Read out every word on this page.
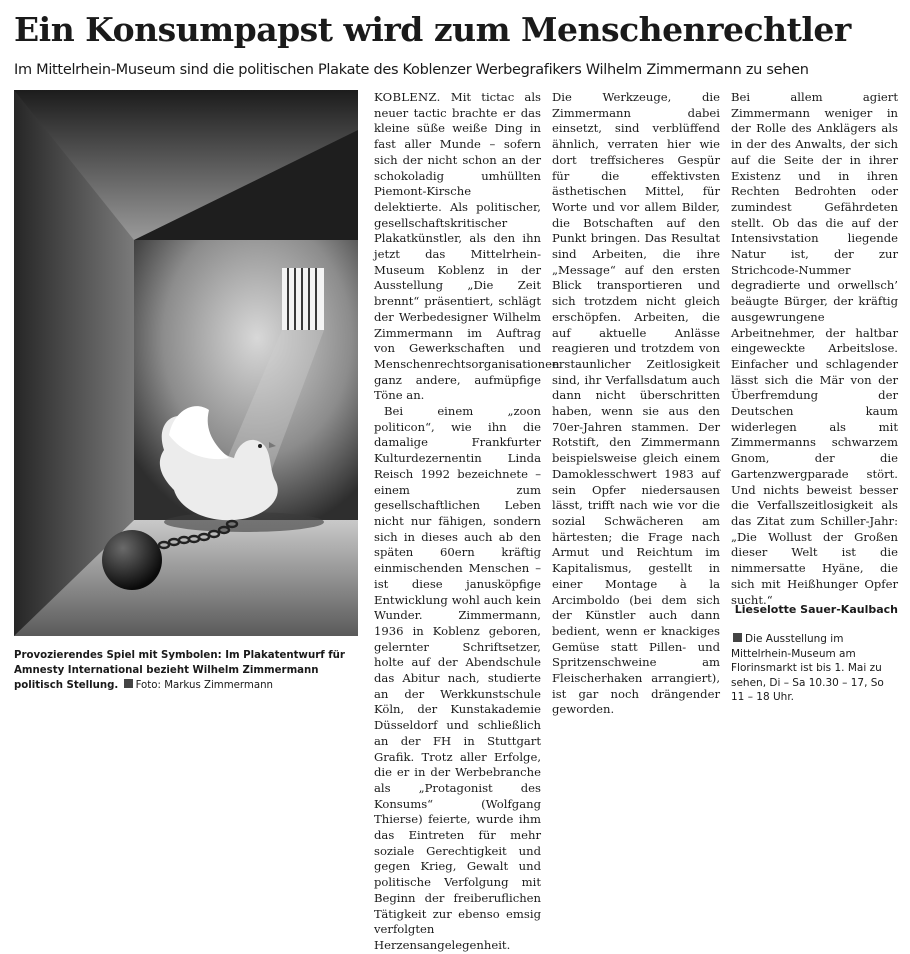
Ein Konsumpapst wird zum Menschenrechtler

Im Mittelrhein-Museum sind die politischen Plakate des Koblenzer Werbegrafikers Wilhelm Zimmermann zu sehen

Provozierendes Spiel mit Symbolen: Im Plakatentwurf für Amnesty International bezieht Wilhelm Zimmermann politisch Stellung. Foto: Markus Zimmermann

KOBLENZ. Mit tictac als neuer tactic brachte er das kleine süße weiße Ding in fast aller Munde – sofern sich der nicht schon an der schokoladig umhüllten Piemont-Kirsche delektierte. Als politischer, gesellschaftskritischer Plakatkünstler, als den ihn jetzt das Mittelrhein-Museum Koblenz in der Ausstellung „Die Zeit brennt“ präsentiert, schlägt der Werbedesigner Wilhelm Zimmermann im Auftrag von Gewerkschaften und Menschenrechtsorganisationen ganz andere, aufmüpfige Töne an.

Bei einem „zoon politicon“, wie ihn die damalige Frankfurter Kulturdezernentin Linda Reisch 1992 bezeichnete – einem zum gesellschaftlichen Leben nicht nur fähigen, sondern sich in dieses auch ab den späten 60ern kräftig einmischenden Menschen – ist diese janusköpfige Entwicklung wohl auch kein Wunder. Zimmermann, 1936 in Koblenz geboren, gelernter Schriftsetzer, holte auf der Abendschule das Abitur nach, studierte an der Werkkunstschule Köln, der Kunstakademie Düsseldorf und schließlich an der FH in Stuttgart Grafik. Trotz aller Erfolge, die er in der Werbebranche als „Protagonist des Konsums“ (Wolfgang Thierse) feierte, wurde ihm das Eintreten für mehr soziale Gerechtigkeit und gegen Krieg, Gewalt und politische Verfolgung mit Beginn der freiberuflichen Tätigkeit zur ebenso emsig verfolgten Herzensangelegenheit.

Die Werkzeuge, die Zimmermann dabei einsetzt, sind verblüffend ähnlich, verraten hier wie dort treffsicheres Gespür für die effektivsten ästhetischen Mittel, für Worte und vor allem Bilder, die Botschaften auf den Punkt bringen. Das Resultat sind Arbeiten, die ihre „Message“ auf den ersten Blick transportieren und sich trotzdem nicht gleich erschöpfen. Arbeiten, die auf aktuelle Anlässe reagieren und trotzdem von erstaunlicher Zeitlosigkeit sind, ihr Verfallsdatum auch dann nicht überschritten haben, wenn sie aus den 70er-Jahren stammen. Der Rotstift, den Zimmermann beispielsweise gleich einem Damoklesschwert 1983 auf sein Opfer niedersausen lässt, trifft nach wie vor die sozial Schwächeren am härtesten; die Frage nach Armut und Reichtum im Kapitalismus, gestellt in einer Montage à la Arcimboldo (bei dem sich der Künstler auch dann bedient, wenn er knackiges Gemüse statt Pillen- und Spritzenschweine am Fleischerhaken arrangiert), ist gar noch drängender geworden.

Bei allem agiert Zimmermann weniger in der Rolle des Anklägers als in der des Anwalts, der sich auf die Seite der in ihrer Existenz und in ihren Rechten Bedrohten oder zumindest Gefährdeten stellt. Ob das die auf der Intensivstation liegende Natur ist, der zur Strichcode-Nummer degradierte und orwellsch’ beäugte Bürger, der kräftig ausgewrungene Arbeitnehmer, der haltbar eingeweckte Arbeitslose. Einfacher und schlagender lässt sich die Mär von der Überfremdung der Deutschen kaum widerlegen als mit Zimmermanns schwarzem Gnom, der die Gartenzwergparade stört. Und nichts beweist besser die Verfallszeitlosigkeit als das Zitat zum Schiller-Jahr: „Die Wollust der Großen dieser Welt ist die nimmersatte Hyäne, die sich mit Heißhunger Opfer sucht.“

Lieselotte Sauer-Kaulbach
Die Ausstellung im Mittelrhein-Museum am Florinsmarkt ist bis 1. Mai zu sehen, Di – Sa 10.30 – 17, So 11 – 18 Uhr.
